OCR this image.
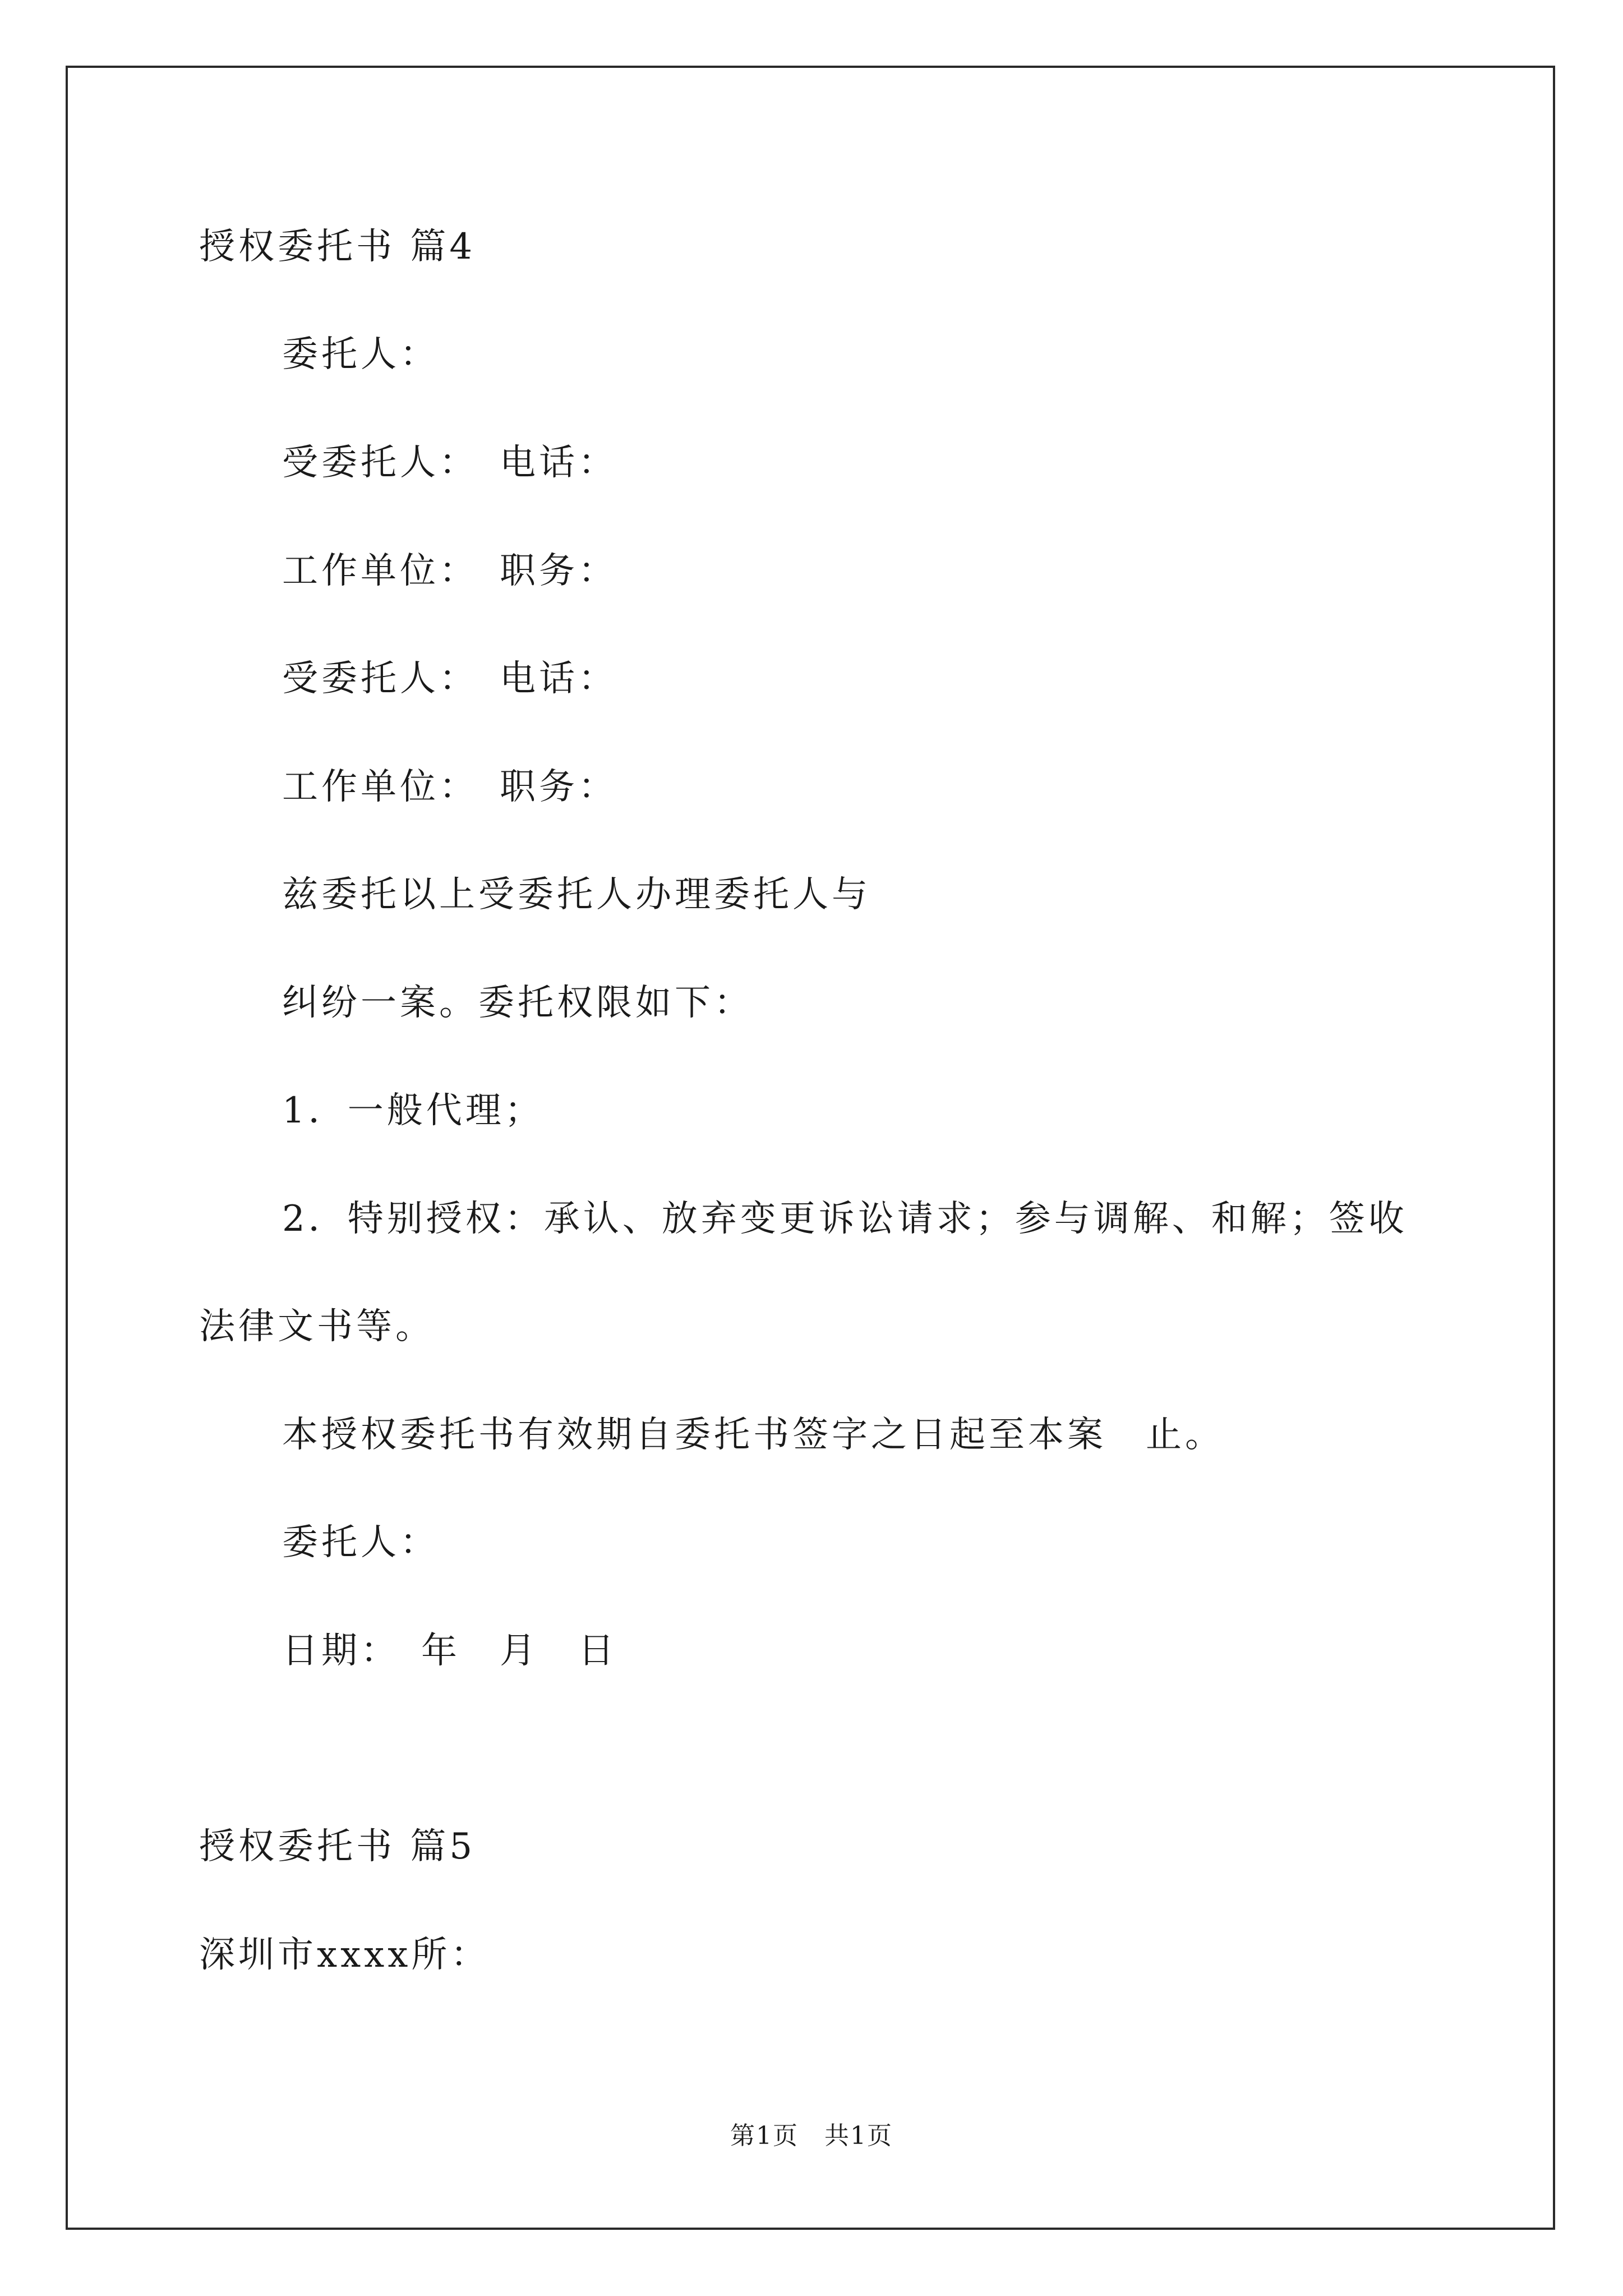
授权委托书 篇4
委托人：
受委托人：　电话：
工作单位：　职务：
受委托人：　电话：
工作单位：　职务：
兹委托以上受委托人办理委托人与
纠纷一案。委托权限如下：
1．一般代理；
2．特别授权：承认、放弃变更诉讼请求；参与调解、和解；签收
法律文书等。
本授权委托书有效期自委托书签字之日起至本案　止。
委托人：
日期：　年　月　日
授权委托书 篇5
深圳市xxxx所：
第1页　共1页
